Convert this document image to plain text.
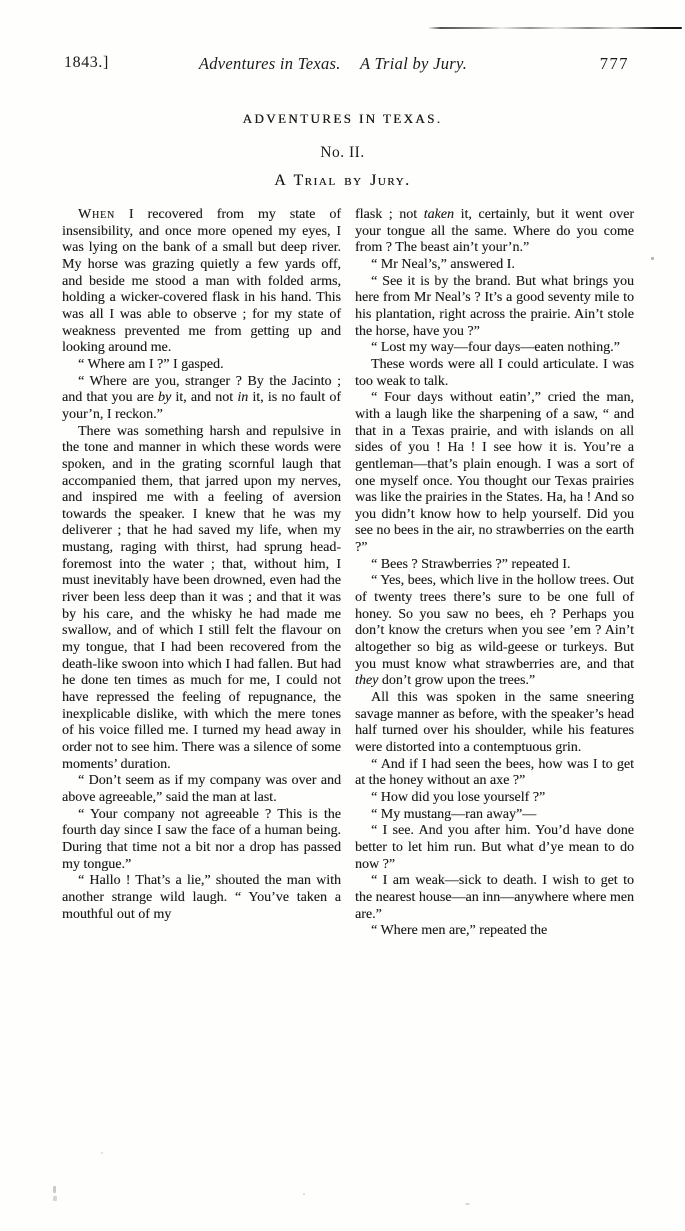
1843.]	Adventures in Texas. A Trial by Jury.	777
ADVENTURES IN TEXAS.
No. II.
A Trial by Jury.

When I recovered from my state of insensibility, and once more opened my eyes, I was lying on the bank of a small but deep river. My horse was grazing quietly a few yards off, and beside me stood a man with folded arms, holding a wicker-covered flask in his hand. This was all I was able to observe ; for my state of weakness prevented me from getting up and looking around me.

“ Where am I ?” I gasped.

“ Where are you, stranger ? By the Jacinto ; and that you are by it, and not in it, is no fault of your’n, I reckon.”

There was something harsh and repulsive in the tone and manner in which these words were spoken, and in the grating scornful laugh that accompanied them, that jarred upon my nerves, and inspired me with a feeling of aversion towards the speaker. I knew that he was my deliverer ; that he had saved my life, when my mustang, raging with thirst, had sprung head-foremost into the water ; that, without him, I must inevitably have been drowned, even had the river been less deep than it was ; and that it was by his care, and the whisky he had made me swallow, and of which I still felt the flavour on my tongue, that I had been recovered from the death-like swoon into which I had fallen. But had he done ten times as much for me, I could not have repressed the feeling of repugnance, the inexplicable dislike, with which the mere tones of his voice filled me. I turned my head away in order not to see him. There was a silence of some moments’ duration.

“ Don’t seem as if my company was over and above agreeable,” said the man at last.

“ Your company not agreeable ? This is the fourth day since I saw the face of a human being. During that time not a bit nor a drop has passed my tongue.”

“ Hallo ! That’s a lie,” shouted the man with another strange wild laugh. “ You’ve taken a mouthful out of my

flask ; not taken it, certainly, but it went over your tongue all the same. Where do you come from ? The beast ain’t your’n.”

“ Mr Neal’s,” answered I.

“ See it is by the brand. But what brings you here from Mr Neal’s ? It’s a good seventy mile to his plantation, right across the prairie. Ain’t stole the horse, have you ?”

“ Lost my way—four days—eaten nothing.”

These words were all I could articulate. I was too weak to talk.

“ Four days without eatin’,” cried the man, with a laugh like the sharpening of a saw, “ and that in a Texas prairie, and with islands on all sides of you ! Ha ! I see how it is. You’re a gentleman—that’s plain enough. I was a sort of one myself once. You thought our Texas prairies was like the prairies in the States. Ha, ha ! And so you didn’t know how to help yourself. Did you see no bees in the air, no strawberries on the earth ?”

“ Bees ? Strawberries ?” repeated I.

“ Yes, bees, which live in the hollow trees. Out of twenty trees there’s sure to be one full of honey. So you saw no bees, eh ? Perhaps you don’t know the creturs when you see ’em ? Ain’t altogether so big as wild-geese or turkeys. But you must know what strawberries are, and that they don’t grow upon the trees.”

All this was spoken in the same sneering savage manner as before, with the speaker’s head half turned over his shoulder, while his features were distorted into a contemptuous grin.

“ And if I had seen the bees, how was I to get at the honey without an axe ?”

“ How did you lose yourself ?”

“ My mustang—ran away”—

“ I see. And you after him. You’d have done better to let him run. But what d’ye mean to do now ?”

“ I am weak—sick to death. I wish to get to the nearest house—an inn—anywhere where men are.”

“ Where men are,” repeated the
